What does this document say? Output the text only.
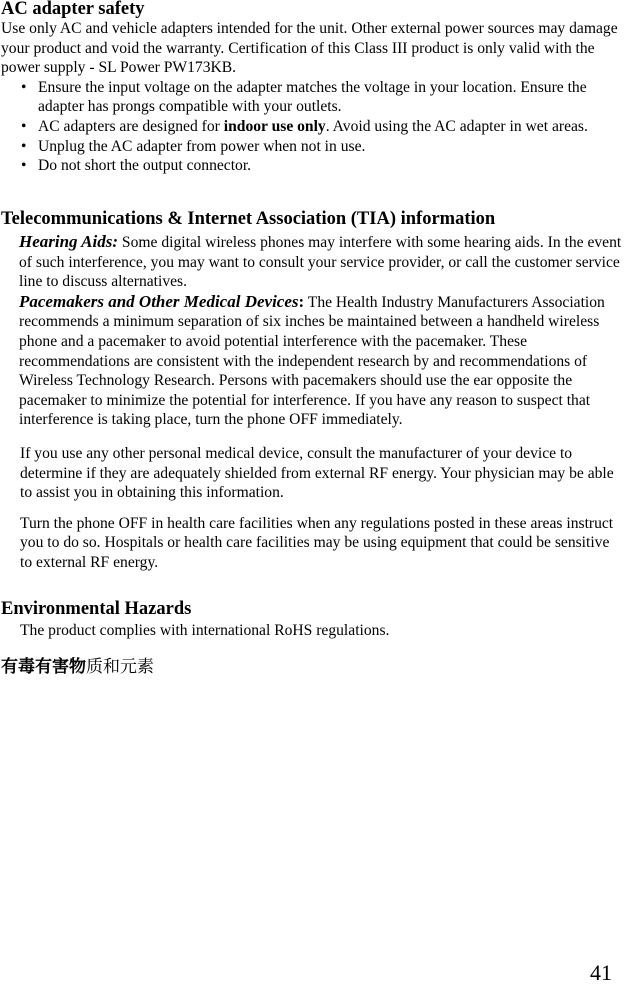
AC adapter safety

Use only AC and vehicle adapters intended for the unit. Other external power sources may damage your product and void the warranty. Certification of this Class III product is only valid with the power supply - SL Power PW173KB.

• Ensure the input voltage on the adapter matches the voltage in your location. Ensure the adapter has prongs compatible with your outlets.
• AC adapters are designed for indoor use only. Avoid using the AC adapter in wet areas.
• Unplug the AC adapter from power when not in use.
• Do not short the output connector.
Telecommunications & Internet Association (TIA) information

Hearing Aids: Some digital wireless phones may interfere with some hearing aids. In the event of such interference, you may want to consult your service provider, or call the customer service line to discuss alternatives.

Pacemakers and Other Medical Devices: The Health Industry Manufacturers Association recommends a minimum separation of six inches be maintained between a handheld wireless phone and a pacemaker to avoid potential interference with the pacemaker. These recommendations are consistent with the independent research by and recommendations of Wireless Technology Research. Persons with pacemakers should use the ear opposite the pacemaker to minimize the potential for interference. If you have any reason to suspect that interference is taking place, turn the phone OFF immediately.

If you use any other personal medical device, consult the manufacturer of your device to determine if they are adequately shielded from external RF energy. Your physician may be able to assist you in obtaining this information.

Turn the phone OFF in health care facilities when any regulations posted in these areas instruct you to do so. Hospitals or health care facilities may be using equipment that could be sensitive to external RF energy.

Environmental Hazards

The product complies with international RoHS regulations.

有毒有害物质和元素
41
